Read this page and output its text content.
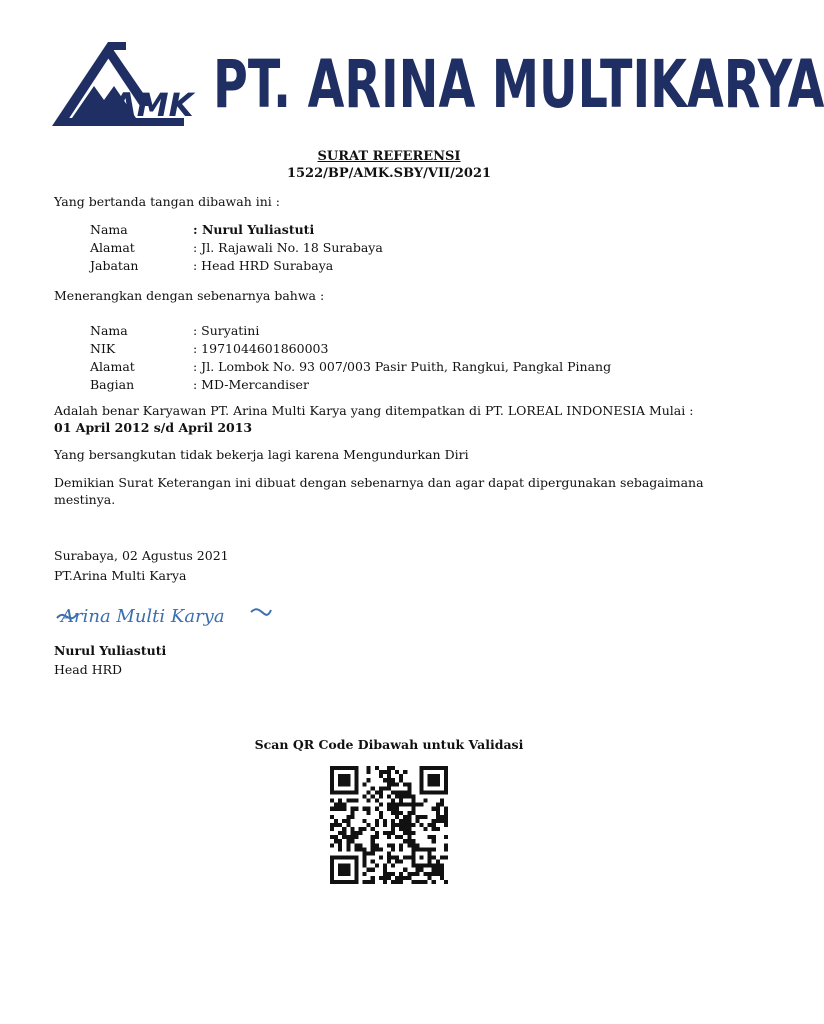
AMK PT. ARINA MULTIKARYA
SURAT REFERENSI
1522/BP/AMK.SBY/VII/2021
Yang bertanda tangan dibawah ini :
Nama	: Nurul Yuliastuti
Alamat	: Jl. Rajawali No. 18 Surabaya
Jabatan	: Head HRD Surabaya
Menerangkan dengan sebenarnya bahwa :
Nama	: Suryatini
NIK	: 1971044601860003
Alamat	: Jl. Lombok No. 93 007/003 Pasir Puith, Rangkui, Pangkal Pinang
Bagian	: MD-Mercandiser
Adalah benar Karyawan PT. Arina Multi Karya yang ditempatkan di PT. LOREAL INDONESIA Mulai :
01 April 2012 s/d April 2013
Yang bersangkutan tidak bekerja lagi karena Mengundurkan Diri
Demikian Surat Keterangan ini dibuat dengan sebenarnya dan agar dapat dipergunakan sebagaimana mestinya.
Surabaya, 02 Agustus 2021
PT.Arina Multi Karya
Arina Multi Karya
Nurul Yuliastuti
Head HRD
Scan QR Code Dibawah untuk Validasi
